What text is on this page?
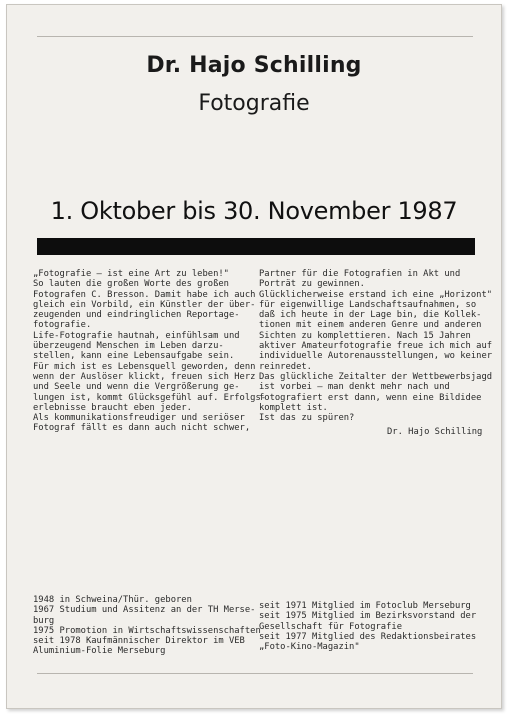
Dr. Hajo Schilling
Fotografie
1. Oktober bis 30. November 1987

„Fotografie — ist eine Art zu leben!"

So lauten die großen Worte des großen

Fotografen C. Bresson. Damit habe ich auch

gleich ein Vorbild, ein Künstler der über-

zeugenden und eindringlichen Reportage-

fotografie.

Life-Fotografie hautnah, einfühlsam und

überzeugend Menschen im Leben darzu-

stellen, kann eine Lebensaufgabe sein.

Für mich ist es Lebensquell geworden, denn

wenn der Auslöser klickt, freuen sich Herz

und Seele und wenn die Vergrößerung ge-

lungen ist, kommt Glücksgefühl auf. Erfolgs-

erlebnisse braucht eben jeder.

Als kommunikationsfreudiger und seriöser

Fotograf fällt es dann auch nicht schwer,

Partner für die Fotografien in Akt und

Porträt zu gewinnen.

Glücklicherweise erstand ich eine „Horizont"

für eigenwillige Landschaftsaufnahmen, so

daß ich heute in der Lage bin, die Kollek-

tionen mit einem anderen Genre und anderen

Sichten zu komplettieren. Nach 15 Jahren

aktiver Amateurfotografie freue ich mich auf

individuelle Autorenausstellungen, wo keiner

reinredet.

Das glückliche Zeitalter der Wettbewerbsjagd

ist vorbei — man denkt mehr nach und

fotografiert erst dann, wenn eine Bildidee

komplett ist.

Ist das zu spüren?

Dr. Hajo Schilling

1948 in Schweina/Thür. geboren

1967 Studium und Assitenz an der TH Merse-

burg

1975 Promotion in Wirtschaftswissenschaften

seit 1978 Kaufmännischer Direktor im VEB

Aluminium-Folie Merseburg

seit 1971 Mitglied im Fotoclub Merseburg

seit 1975 Mitglied im Bezirksvorstand der

Gesellschaft für Fotografie

seit 1977 Mitglied des Redaktionsbeirates

„Foto-Kino-Magazin"
